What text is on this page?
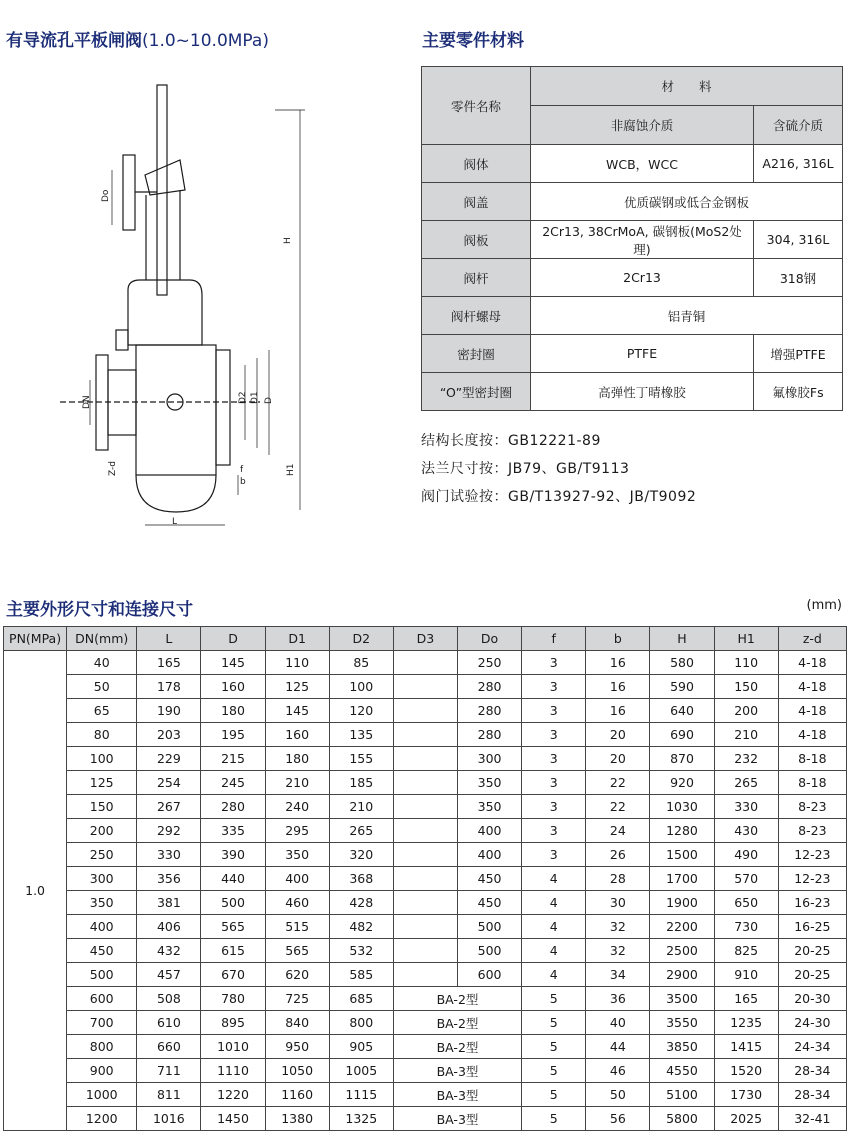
有导流孔平板闸阀(1.0~10.0MPa)	主要零件材料
Do
H
DN	D2 D1 D
f
b
Z-d	H1
L
零件名称	材　　料	
	非腐蚀介质	含硫介质
阀体	WCB，WCC	A216, 316L
阀盖	优质碳钢或低合金钢板	
阀板	2Cr13, 38CrMoA, 碳钢板(MoS2处理)	304, 316L
阀杆	2Cr13	318钢
阀杆螺母	铝青铜	
密封圈	PTFE	增强PTFE
“O”型密封圈	高弹性丁晴橡胶	氟橡胶Fs
结构长度按：GB12221-89
法兰尺寸按：JB79、GB/T9113
阀门试验按：GB/T13927-92、JB/T9092
主要外形尺寸和连接尺寸	(mm)
PN(MPa)	DN(mm)	L	D	D1	D2	D3	Do	f	b	H	H1	z-d
1.0	40	165	145	110	85		250	3	16	580	110	4-18
	50	178	160	125	100		280	3	16	590	150	4-18
	65	190	180	145	120		280	3	16	640	200	4-18
	80	203	195	160	135		280	3	20	690	210	4-18
	100	229	215	180	155		300	3	20	870	232	8-18
	125	254	245	210	185		350	3	22	920	265	8-18
	150	267	280	240	210		350	3	22	1030	330	8-23
	200	292	335	295	265		400	3	24	1280	430	8-23
	250	330	390	350	320		400	3	26	1500	490	12-23
	300	356	440	400	368		450	4	28	1700	570	12-23
	350	381	500	460	428		450	4	30	1900	650	16-23
	400	406	565	515	482		500	4	32	2200	730	16-25
	450	432	615	565	532		500	4	32	2500	825	20-25
	500	457	670	620	585		600	4	34	2900	910	20-25
	600	508	780	725	685	BA-2型		5	36	3500	165	20-30
	700	610	895	840	800	BA-2型		5	40	3550	1235	24-30
	800	660	1010	950	905	BA-2型		5	44	3850	1415	24-34
	900	711	1110	1050	1005	BA-3型		5	46	4550	1520	28-34
	1000	811	1220	1160	1115	BA-3型		5	50	5100	1730	28-34
	1200	1016	1450	1380	1325	BA-3型		5	56	5800	2025	32-41
